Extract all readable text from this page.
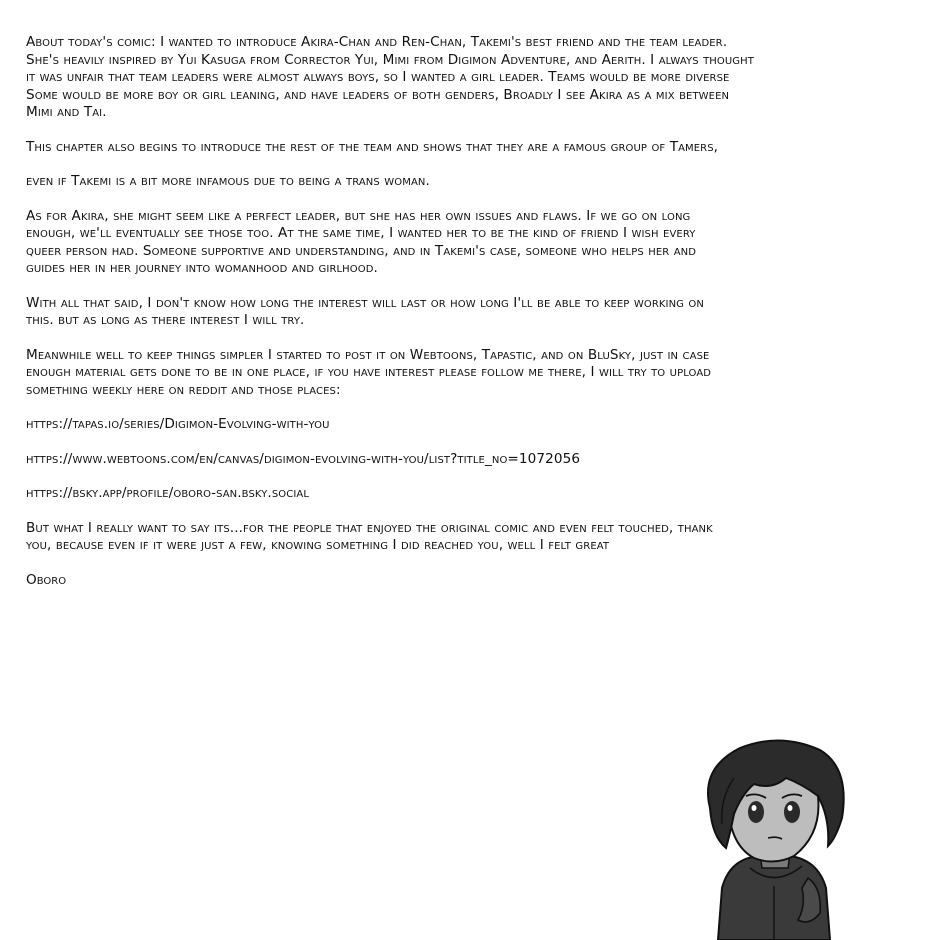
About today's comic: I wanted to introduce Akira-Chan and Ren-Chan, Takemi's best friend and the team leader.
She's heavily inspired by Yui Kasuga from Corrector Yui, Mimi from Digimon Adventure, and Aerith. I always thought
it was unfair that team leaders were almost always boys, so I wanted a girl leader. Teams would be more diverse
Some would be more boy or girl leaning, and have leaders of both genders, Broadly I see Akira as a mix between
Mimi and Tai.

This chapter also begins to introduce the rest of the team and shows that they are a famous group of Tamers,

even if Takemi is a bit more infamous due to being a trans woman.

As for Akira, she might seem like a perfect leader, but she has her own issues and flaws. If we go on long
enough, we'll eventually see those too. At the same time, I wanted her to be the kind of friend I wish every
queer person had. Someone supportive and understanding, and in Takemi's case, someone who helps her and
guides her in her journey into womanhood and girlhood.

With all that said, I don't know how long the interest will last or how long I'll be able to keep working on
this. but as long as there interest I will try.

Meanwhile well to keep things simpler I started to post it on Webtoons, Tapastic, and on BluSky, just in case
enough material gets done to be in one place, if you have interest please follow me there, I will try to upload
something weekly here on reddit and those places:

https://tapas.io/series/Digimon-Evolving-with-you

https://www.webtoons.com/en/canvas/digimon-evolving-with-you/list?title_no=1072056

https://bsky.app/profile/oboro-san.bsky.social

But what I really want to say its...for the people that enjoyed the original comic and even felt touched, thank
you, because even if it were just a few, knowing something I did reached you, well I felt great

Oboro
